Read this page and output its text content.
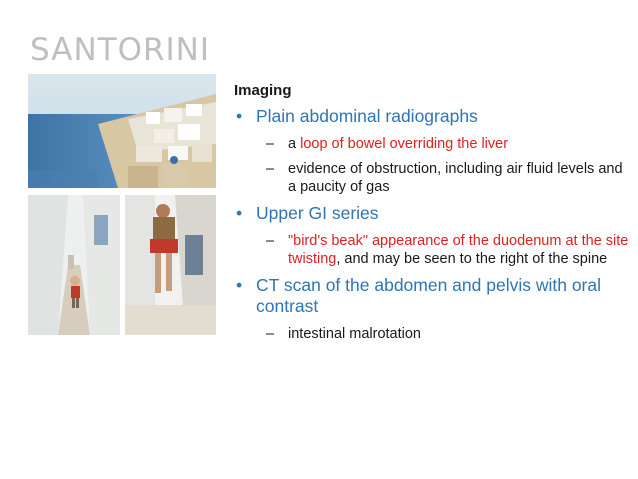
SANTORINI
Imaging
• Plain abdominal radiographs
– a loop of bowel overriding the liver
– evidence of obstruction, including air fluid levels and a paucity of gas
• Upper GI series
– "bird's beak" appearance of the duodenum at the site twisting, and may be seen to the right of the spine
• CT scan of the abdomen and pelvis with oral contrast
– intestinal malrotation
